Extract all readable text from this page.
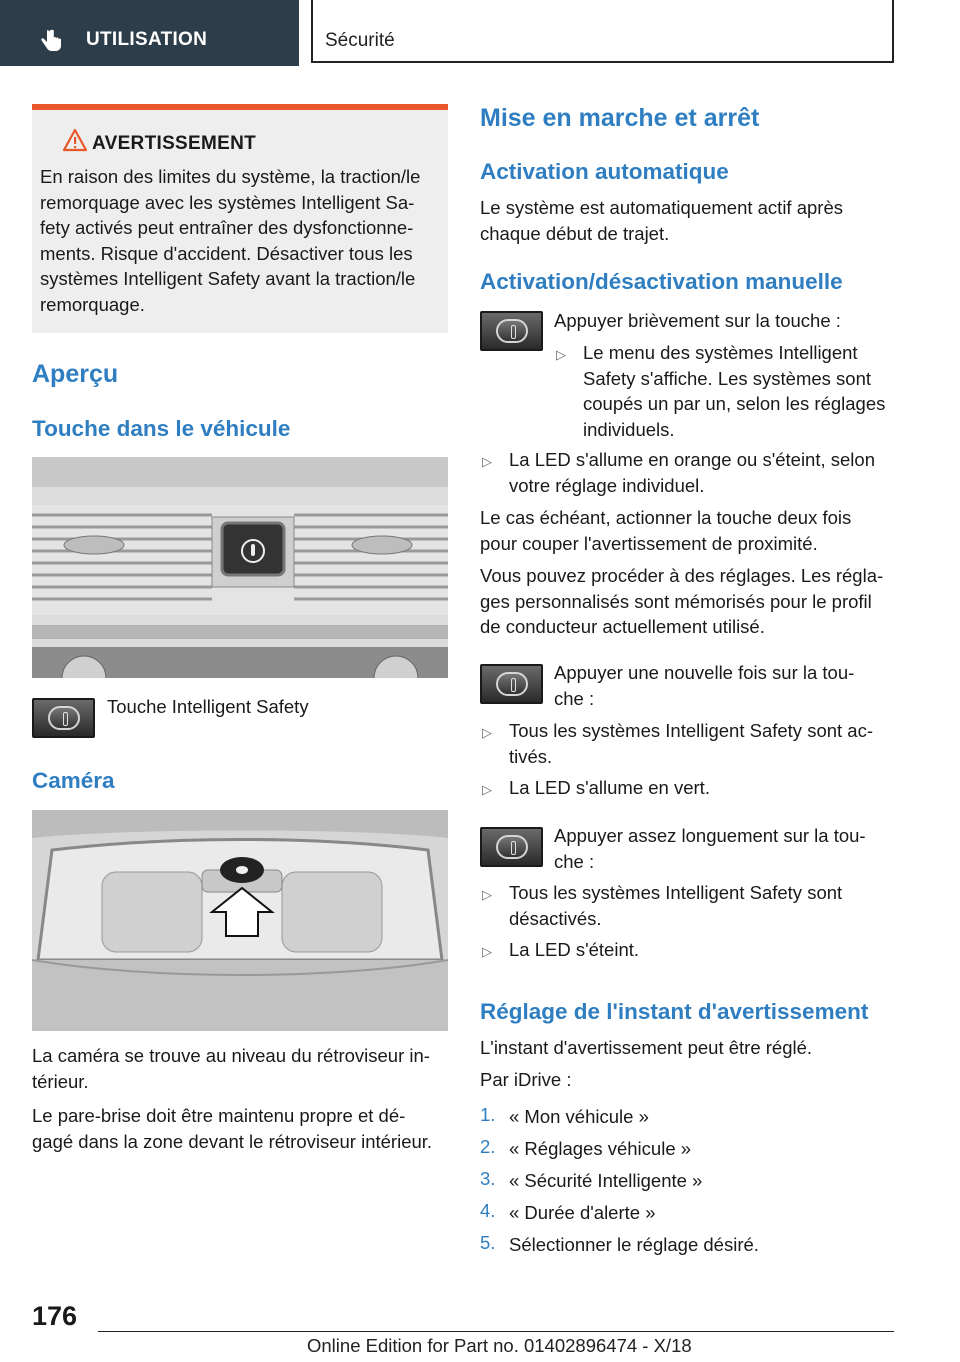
UTILISATION	Sécurité
AVERTISSEMENT
En raison des limites du système, la traction/le
remorquage avec les systèmes Intelligent Sa-
fety activés peut entraîner des dysfonctionne-
ments. Risque d'accident. Désactiver tous les
systèmes Intelligent Safety avant la traction/le
remorquage.
Aperçu
Touche dans le véhicule
Touche Intelligent Safety
Caméra
La caméra se trouve au niveau du rétroviseur in-
térieur.
Le pare-brise doit être maintenu propre et dé-
gagé dans la zone devant le rétroviseur intérieur.
Mise en marche et arrêt
Activation automatique
Le système est automatiquement actif après
chaque début de trajet.
Activation/désactivation manuelle
Appuyer brièvement sur la touche :
▷ Le menu des systèmes Intelligent
Safety s'affiche. Les systèmes sont
coupés un par un, selon les réglages
individuels.
▷ La LED s'allume en orange ou s'éteint, selon
votre réglage individuel.
Le cas échéant, actionner la touche deux fois
pour couper l'avertissement de proximité.
Vous pouvez procéder à des réglages. Les régla-
ges personnalisés sont mémorisés pour le profil
de conducteur actuellement utilisé.
Appuyer une nouvelle fois sur la tou-
che :
▷ Tous les systèmes Intelligent Safety sont ac-
tivés.
▷ La LED s'allume en vert.
Appuyer assez longuement sur la tou-
che :
▷ Tous les systèmes Intelligent Safety sont
désactivés.
▷ La LED s'éteint.
Réglage de l'instant d'avertissement
L'instant d'avertissement peut être réglé.
Par iDrive :
1. « Mon véhicule »
2. « Réglages véhicule »
3. « Sécurité Intelligente »
4. « Durée d'alerte »
5. Sélectionner le réglage désiré.
176
Online Edition for Part no. 01402896474 - X/18
